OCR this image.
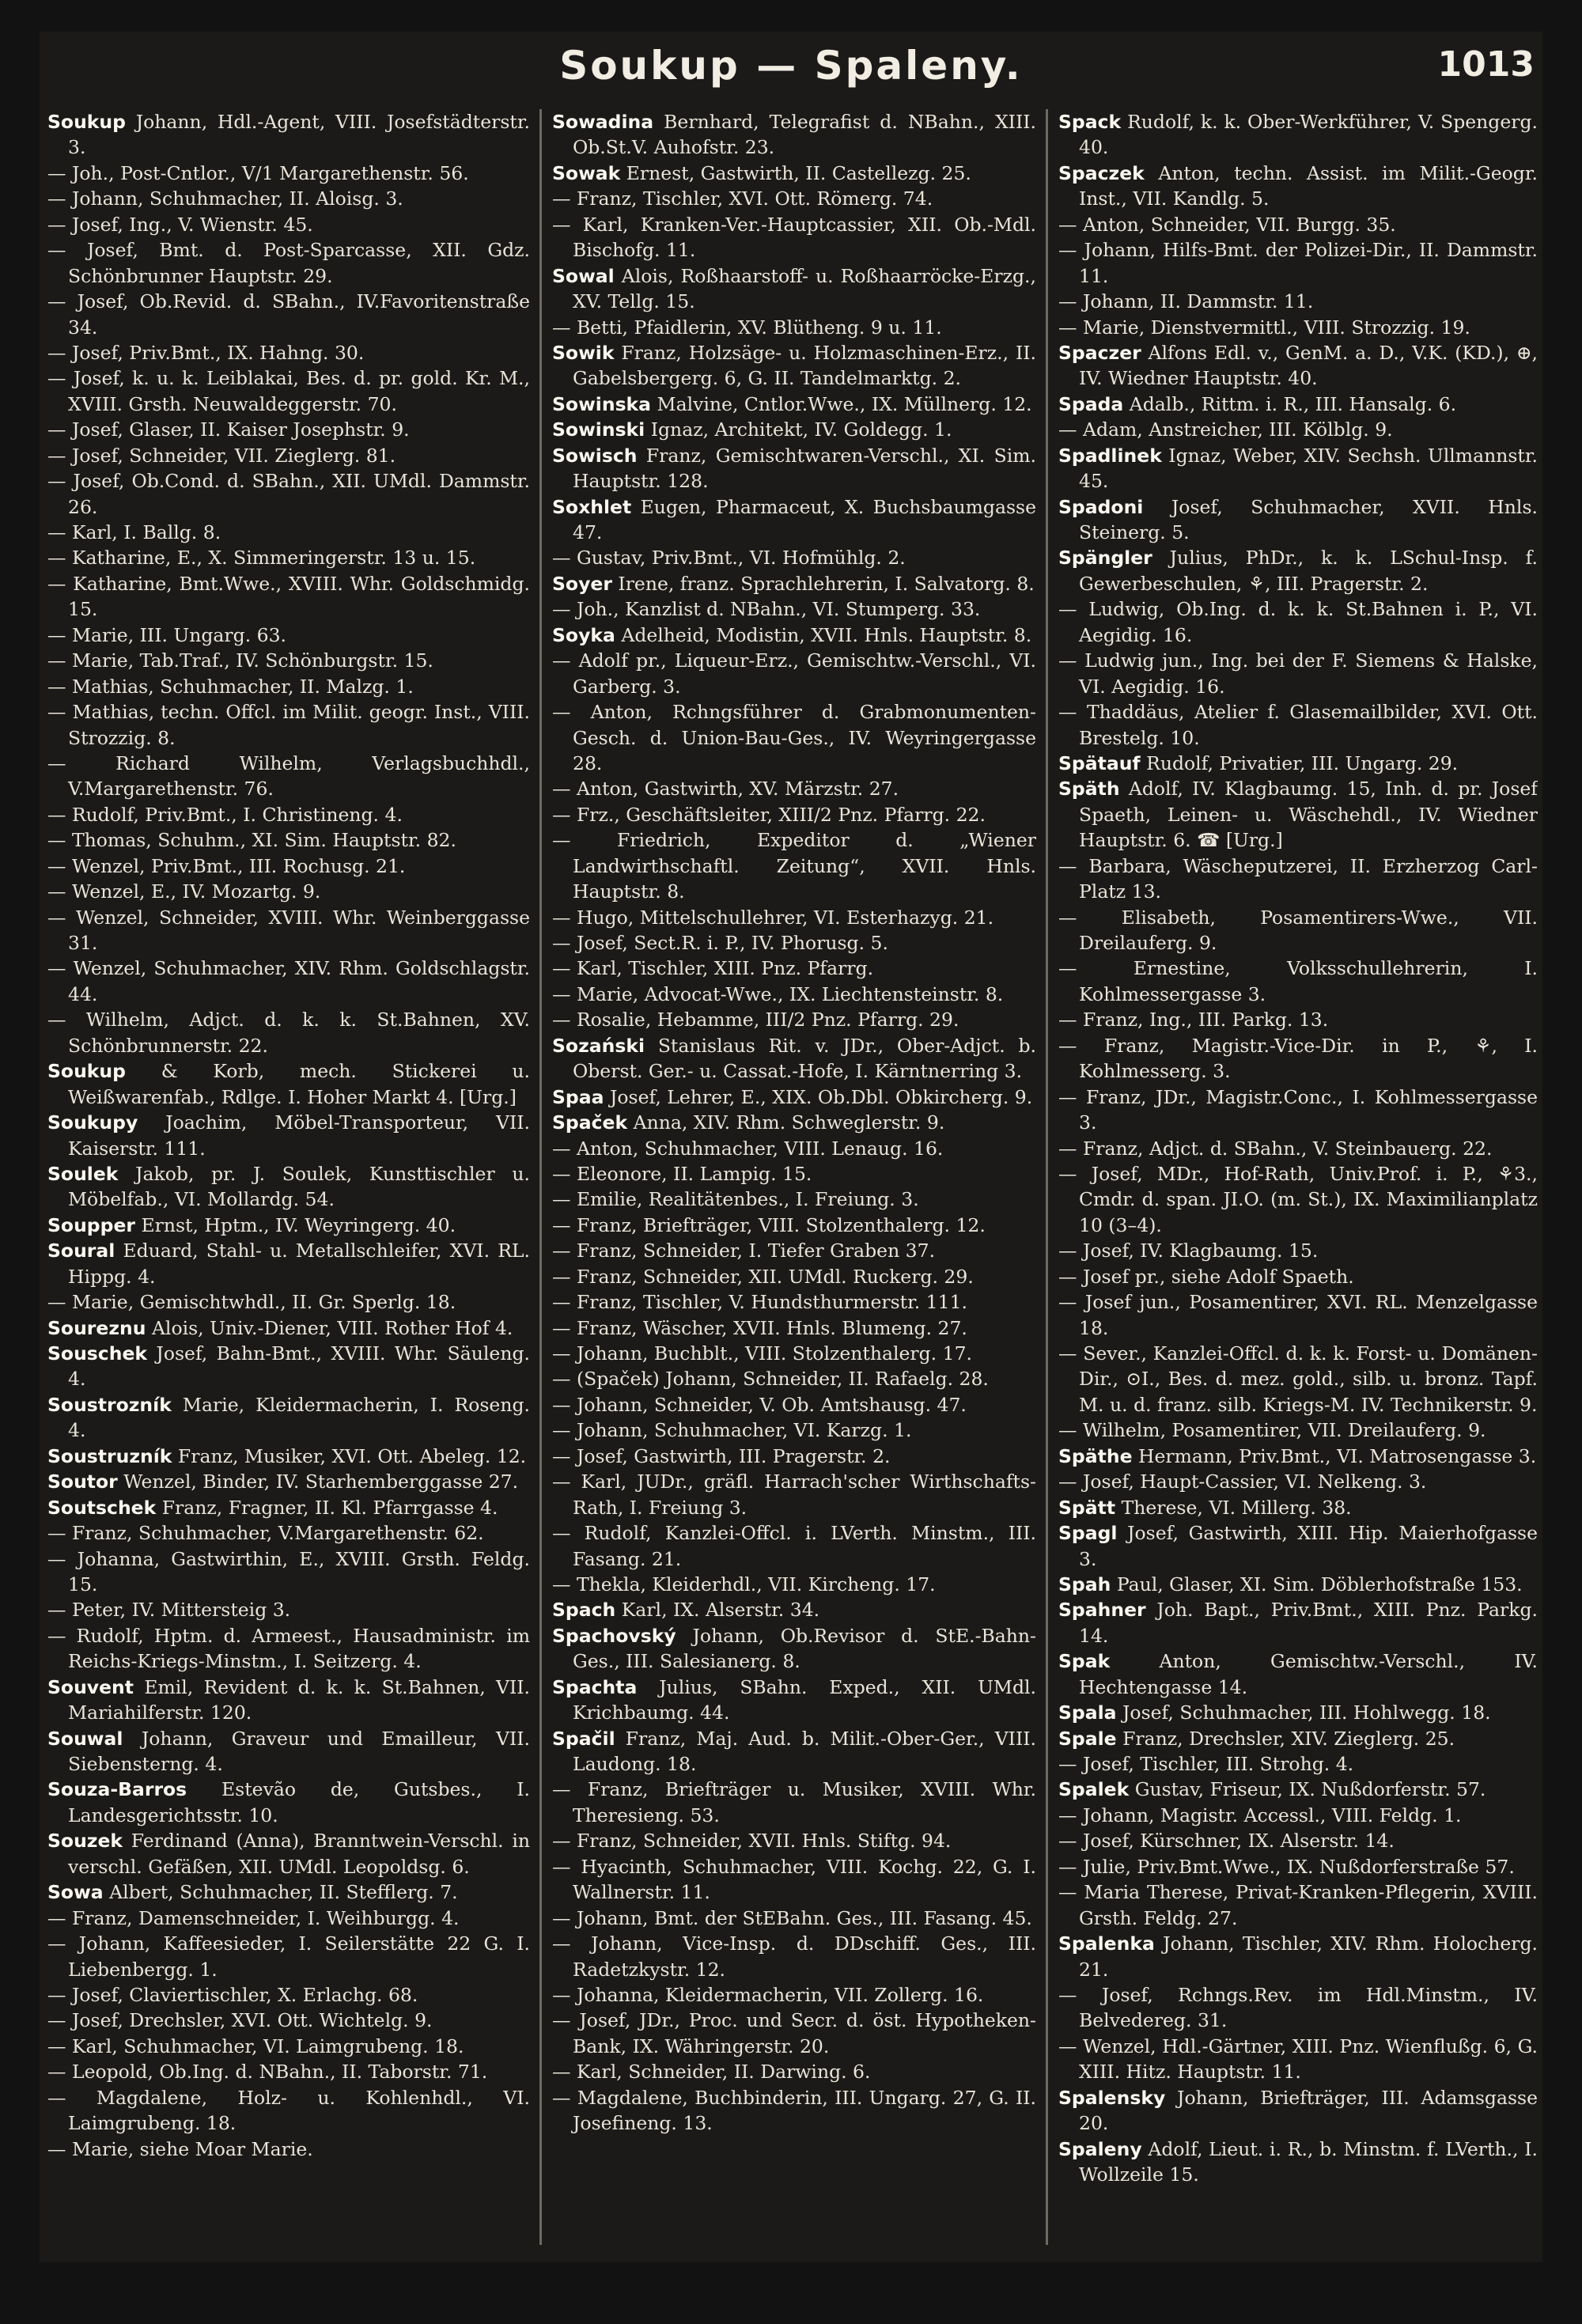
Soukup — Spaleny.	1013

Soukup Johann, Hdl.-Agent, VIII. Josefstädterstr. 3.

— Joh., Post-Cntlor., V/1 Margarethenstr. 56.

— Johann, Schuhmacher, II. Aloisg. 3.

— Josef, Ing., V. Wienstr. 45.

— Josef, Bmt. d. Post-Sparcasse, XII. Gdz. Schönbrunner Hauptstr. 29.

— Josef, Ob.Revid. d. SBahn., IV.Favoritenstraße 34.

— Josef, Priv.Bmt., IX. Hahng. 30.

— Josef, k. u. k. Leiblakai, Bes. d. pr. gold. Kr. M., XVIII. Grsth. Neuwaldeggerstr. 70.

— Josef, Glaser, II. Kaiser Josephstr. 9.

— Josef, Schneider, VII. Zieglerg. 81.

— Josef, Ob.Cond. d. SBahn., XII. UMdl. Dammstr. 26.

— Karl, I. Ballg. 8.

— Katharine, E., X. Simmeringerstr. 13 u. 15.

— Katharine, Bmt.Wwe., XVIII. Whr. Goldschmidg. 15.

— Marie, III. Ungarg. 63.

— Marie, Tab.Traf., IV. Schönburgstr. 15.

— Mathias, Schuhmacher, II. Malzg. 1.

— Mathias, techn. Offcl. im Milit. geogr. Inst., VIII. Strozzig. 8.

— Richard Wilhelm, Verlagsbuchhdl., V.Margarethenstr. 76.

— Rudolf, Priv.Bmt., I. Christineng. 4.

— Thomas, Schuhm., XI. Sim. Hauptstr. 82.

— Wenzel, Priv.Bmt., III. Rochusg. 21.

— Wenzel, E., IV. Mozartg. 9.

— Wenzel, Schneider, XVIII. Whr. Weinberggasse 31.

— Wenzel, Schuhmacher, XIV. Rhm. Goldschlagstr. 44.

— Wilhelm, Adjct. d. k. k. St.Bahnen, XV. Schönbrunnerstr. 22.

Soukup & Korb, mech. Stickerei u. Weißwarenfab., Rdlge. I. Hoher Markt 4. [Urg.]

Soukupy Joachim, Möbel-Transporteur, VII. Kaiserstr. 111.

Soulek Jakob, pr. J. Soulek, Kunsttischler u. Möbelfab., VI. Mollardg. 54.

Soupper Ernst, Hptm., IV. Weyringerg. 40.

Soural Eduard, Stahl- u. Metallschleifer, XVI. RL. Hippg. 4.

— Marie, Gemischtwhdl., II. Gr. Sperlg. 18.

Soureznu Alois, Univ.-Diener, VIII. Rother Hof 4.

Souschek Josef, Bahn-Bmt., XVIII. Whr. Säuleng. 4.

Soustrozník Marie, Kleidermacherin, I. Roseng. 4.

Soustruzník Franz, Musiker, XVI. Ott. Abeleg. 12.

Soutor Wenzel, Binder, IV. Starhemberggasse 27.

Soutschek Franz, Fragner, II. Kl. Pfarrgasse 4.

— Franz, Schuhmacher, V.Margarethenstr. 62.

— Johanna, Gastwirthin, E., XVIII. Grsth. Feldg. 15.

— Peter, IV. Mittersteig 3.

— Rudolf, Hptm. d. Armeest., Hausadministr. im Reichs-Kriegs-Minstm., I. Seitzerg. 4.

Souvent Emil, Revident d. k. k. St.Bahnen, VII. Mariahilferstr. 120.

Souwal Johann, Graveur und Emailleur, VII. Siebensterng. 4.

Souza-Barros Estevão de, Gutsbes., I. Landesgerichtsstr. 10.

Souzek Ferdinand (Anna), Branntwein-Verschl. in verschl. Gefäßen, XII. UMdl. Leopoldsg. 6.

Sowa Albert, Schuhmacher, II. Stefflerg. 7.

— Franz, Damenschneider, I. Weihburgg. 4.

— Johann, Kaffeesieder, I. Seilerstätte 22 G. I. Liebenbergg. 1.

— Josef, Claviertischler, X. Erlachg. 68.

— Josef, Drechsler, XVI. Ott. Wichtelg. 9.

— Karl, Schuhmacher, VI. Laimgrubeng. 18.

— Leopold, Ob.Ing. d. NBahn., II. Taborstr. 71.

— Magdalene, Holz- u. Kohlenhdl., VI. Laimgrubeng. 18.

— Marie, siehe Moar Marie.

Sowadina Bernhard, Telegrafist d. NBahn., XIII. Ob.St.V. Auhofstr. 23.

Sowak Ernest, Gastwirth, II. Castellezg. 25.

— Franz, Tischler, XVI. Ott. Römerg. 74.

— Karl, Kranken-Ver.-Hauptcassier, XII. Ob.-Mdl. Bischofg. 11.

Sowal Alois, Roßhaarstoff- u. Roßhaarröcke-Erzg., XV. Tellg. 15.

— Betti, Pfaidlerin, XV. Blütheng. 9 u. 11.

Sowik Franz, Holzsäge- u. Holzmaschinen-Erz., II. Gabelsbergerg. 6, G. II. Tandelmarktg. 2.

Sowinska Malvine, Cntlor.Wwe., IX. Müllnerg. 12.

Sowinski Ignaz, Architekt, IV. Goldegg. 1.

Sowisch Franz, Gemischtwaren-Verschl., XI. Sim. Hauptstr. 128.

Soxhlet Eugen, Pharmaceut, X. Buchsbaumgasse 47.

— Gustav, Priv.Bmt., VI. Hofmühlg. 2.

Soyer Irene, franz. Sprachlehrerin, I. Salvatorg. 8.

— Joh., Kanzlist d. NBahn., VI. Stumperg. 33.

Soyka Adelheid, Modistin, XVII. Hnls. Hauptstr. 8.

— Adolf pr., Liqueur-Erz., Gemischtw.-Verschl., VI. Garberg. 3.

— Anton, Rchngsführer d. Grabmonumenten-Gesch. d. Union-Bau-Ges., IV. Weyringergasse 28.

— Anton, Gastwirth, XV. Märzstr. 27.

— Frz., Geschäftsleiter, XIII/2 Pnz. Pfarrg. 22.

— Friedrich, Expeditor d. „Wiener Landwirthschaftl. Zeitung“, XVII. Hnls. Hauptstr. 8.

— Hugo, Mittelschullehrer, VI. Esterhazyg. 21.

— Josef, Sect.R. i. P., IV. Phorusg. 5.

— Karl, Tischler, XIII. Pnz. Pfarrg.

— Marie, Advocat-Wwe., IX. Liechtensteinstr. 8.

— Rosalie, Hebamme, III/2 Pnz. Pfarrg. 29.

Sozański Stanislaus Rit. v. JDr., Ober-Adjct. b. Oberst. Ger.- u. Cassat.-Hofe, I. Kärntnerring 3.

Spaa Josef, Lehrer, E., XIX. Ob.Dbl. Obkircherg. 9.

Spaček Anna, XIV. Rhm. Schweglerstr. 9.

— Anton, Schuhmacher, VIII. Lenaug. 16.

— Eleonore, II. Lampig. 15.

— Emilie, Realitätenbes., I. Freiung. 3.

— Franz, Briefträger, VIII. Stolzenthalerg. 12.

— Franz, Schneider, I. Tiefer Graben 37.

— Franz, Schneider, XII. UMdl. Ruckerg. 29.

— Franz, Tischler, V. Hundsthurmerstr. 111.

— Franz, Wäscher, XVII. Hnls. Blumeng. 27.

— Johann, Buchblt., VIII. Stolzenthalerg. 17.

— (Spaček) Johann, Schneider, II. Rafaelg. 28.

— Johann, Schneider, V. Ob. Amtshausg. 47.

— Johann, Schuhmacher, VI. Karzg. 1.

— Josef, Gastwirth, III. Pragerstr. 2.

— Karl, JUDr., gräfl. Harrach'scher Wirthschafts-Rath, I. Freiung 3.

— Rudolf, Kanzlei-Offcl. i. LVerth. Minstm., III. Fasang. 21.

— Thekla, Kleiderhdl., VII. Kircheng. 17.

Spach Karl, IX. Alserstr. 34.

Spachovský Johann, Ob.Revisor d. StE.-Bahn-Ges., III. Salesianerg. 8.

Spachta Julius, SBahn. Exped., XII. UMdl. Krichbaumg. 44.

Spačil Franz, Maj. Aud. b. Milit.-Ober-Ger., VIII. Laudong. 18.

— Franz, Briefträger u. Musiker, XVIII. Whr. Theresieng. 53.

— Franz, Schneider, XVII. Hnls. Stiftg. 94.

— Hyacinth, Schuhmacher, VIII. Kochg. 22, G. I. Wallnerstr. 11.

— Johann, Bmt. der StEBahn. Ges., III. Fasang. 45.

— Johann, Vice-Insp. d. DDschiff. Ges., III. Radetzkystr. 12.

— Johanna, Kleidermacherin, VII. Zollerg. 16.

— Josef, JDr., Proc. und Secr. d. öst. Hypotheken-Bank, IX. Währingerstr. 20.

— Karl, Schneider, II. Darwing. 6.

— Magdalene, Buchbinderin, III. Ungarg. 27, G. II. Josefineng. 13.

Spack Rudolf, k. k. Ober-Werkführer, V. Spengerg. 40.

Spaczek Anton, techn. Assist. im Milit.-Geogr. Inst., VII. Kandlg. 5.

— Anton, Schneider, VII. Burgg. 35.

— Johann, Hilfs-Bmt. der Polizei-Dir., II. Dammstr. 11.

— Johann, II. Dammstr. 11.

— Marie, Dienstvermittl., VIII. Strozzig. 19.

Spaczer Alfons Edl. v., GenM. a. D., V.K. (KD.), ⊕, IV. Wiedner Hauptstr. 40.

Spada Adalb., Rittm. i. R., III. Hansalg. 6.

— Adam, Anstreicher, III. Kölblg. 9.

Spadlinek Ignaz, Weber, XIV. Sechsh. Ullmannstr. 45.

Spadoni Josef, Schuhmacher, XVII. Hnls. Steinerg. 5.

Spängler Julius, PhDr., k. k. LSchul-Insp. f. Gewerbeschulen, ⚘, III. Pragerstr. 2.

— Ludwig, Ob.Ing. d. k. k. St.Bahnen i. P., VI. Aegidig. 16.

— Ludwig jun., Ing. bei der F. Siemens & Halske, VI. Aegidig. 16.

— Thaddäus, Atelier f. Glasemailbilder, XVI. Ott. Brestelg. 10.

Spätauf Rudolf, Privatier, III. Ungarg. 29.

Späth Adolf, IV. Klagbaumg. 15, Inh. d. pr. Josef Spaeth, Leinen- u. Wäschehdl., IV. Wiedner Hauptstr. 6. ☎ [Urg.]

— Barbara, Wäscheputzerei, II. Erzherzog Carl-Platz 13.

— Elisabeth, Posamentirers-Wwe., VII. Dreilauferg. 9.

— Ernestine, Volksschullehrerin, I. Kohlmessergasse 3.

— Franz, Ing., III. Parkg. 13.

— Franz, Magistr.-Vice-Dir. in P., ⚘, I. Kohlmesserg. 3.

— Franz, JDr., Magistr.Conc., I. Kohlmessergasse 3.

— Franz, Adjct. d. SBahn., V. Steinbauerg. 22.

— Josef, MDr., Hof-Rath, Univ.Prof. i. P., ⚘3., Cmdr. d. span. JI.O. (m. St.), IX. Maximilianplatz 10 (3–4).

— Josef, IV. Klagbaumg. 15.

— Josef pr., siehe Adolf Spaeth.

— Josef jun., Posamentirer, XVI. RL. Menzelgasse 18.

— Sever., Kanzlei-Offcl. d. k. k. Forst- u. Domänen-Dir., ⊙I., Bes. d. mez. gold., silb. u. bronz. Tapf. M. u. d. franz. silb. Kriegs-M. IV. Technikerstr. 9.

— Wilhelm, Posamentirer, VII. Dreilauferg. 9.

Späthe Hermann, Priv.Bmt., VI. Matrosengasse 3.

— Josef, Haupt-Cassier, VI. Nelkeng. 3.

Spätt Therese, VI. Millerg. 38.

Spagl Josef, Gastwirth, XIII. Hip. Maierhofgasse 3.

Spah Paul, Glaser, XI. Sim. Döblerhofstraße 153.

Spahner Joh. Bapt., Priv.Bmt., XIII. Pnz. Parkg. 14.

Spak	Anton, Gemischtw.-Verschl., IV. Hechtengasse 14.

Spala Josef, Schuhmacher, III. Hohlwegg. 18.

Spale Franz, Drechsler, XIV. Zieglerg. 25.

— Josef, Tischler, III. Strohg. 4.

Spalek Gustav, Friseur, IX. Nußdorferstr. 57.

— Johann, Magistr. Accessl., VIII. Feldg. 1.

— Josef, Kürschner, IX. Alserstr. 14.

— Julie, Priv.Bmt.Wwe., IX. Nußdorferstraße 57.

— Maria Therese, Privat-Kranken-Pflegerin, XVIII. Grsth. Feldg. 27.

Spalenka Johann, Tischler, XIV. Rhm. Holocherg. 21.

— Josef, Rchngs.Rev. im Hdl.Minstm., IV. Belvedereg. 31.

— Wenzel, Hdl.-Gärtner, XIII. Pnz. Wienflußg. 6, G. XIII. Hitz. Hauptstr. 11.

Spalensky Johann, Briefträger, III. Adamsgasse 20.

Spaleny Adolf, Lieut. i. R., b. Minstm. f. LVerth., I. Wollzeile 15.
